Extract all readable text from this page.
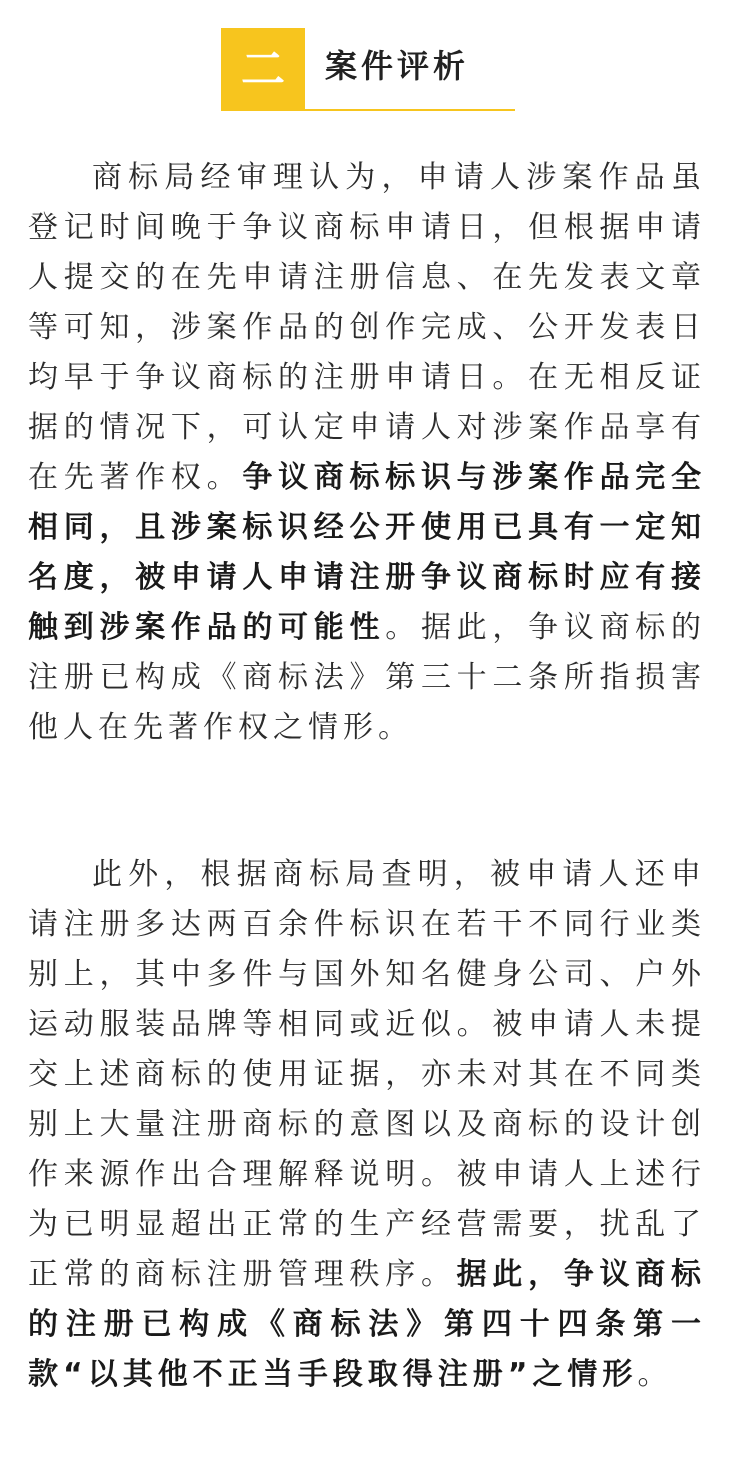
二	案件评析

商标局经审理认为，申请人涉案作品虽登记时间晚于争议商标申请日，但根据申请人提交的在先申请注册信息、在先发表文章等可知，涉案作品的创作完成、公开发表日均早于争议商标的注册申请日。在无相反证据的情况下，可认定申请人对涉案作品享有在先著作权。争议商标标识与涉案作品完全相同，且涉案标识经公开使用已具有一定知名度，被申请人申请注册争议商标时应有接触到涉案作品的可能性。据此，争议商标的注册已构成《商标法》第三十二条所指损害他人在先著作权之情形。

此外，根据商标局查明，被申请人还申请注册多达两百余件标识在若干不同行业类别上，其中多件与国外知名健身公司、户外运动服装品牌等相同或近似。被申请人未提交上述商标的使用证据，亦未对其在不同类别上大量注册商标的意图以及商标的设计创作来源作出合理解释说明。被申请人上述行为已明显超出正常的生产经营需要，扰乱了正常的商标注册管理秩序。据此，争议商标的注册已构成《商标法》第四十四条第一款“以其他不正当手段取得注册”之情形。
